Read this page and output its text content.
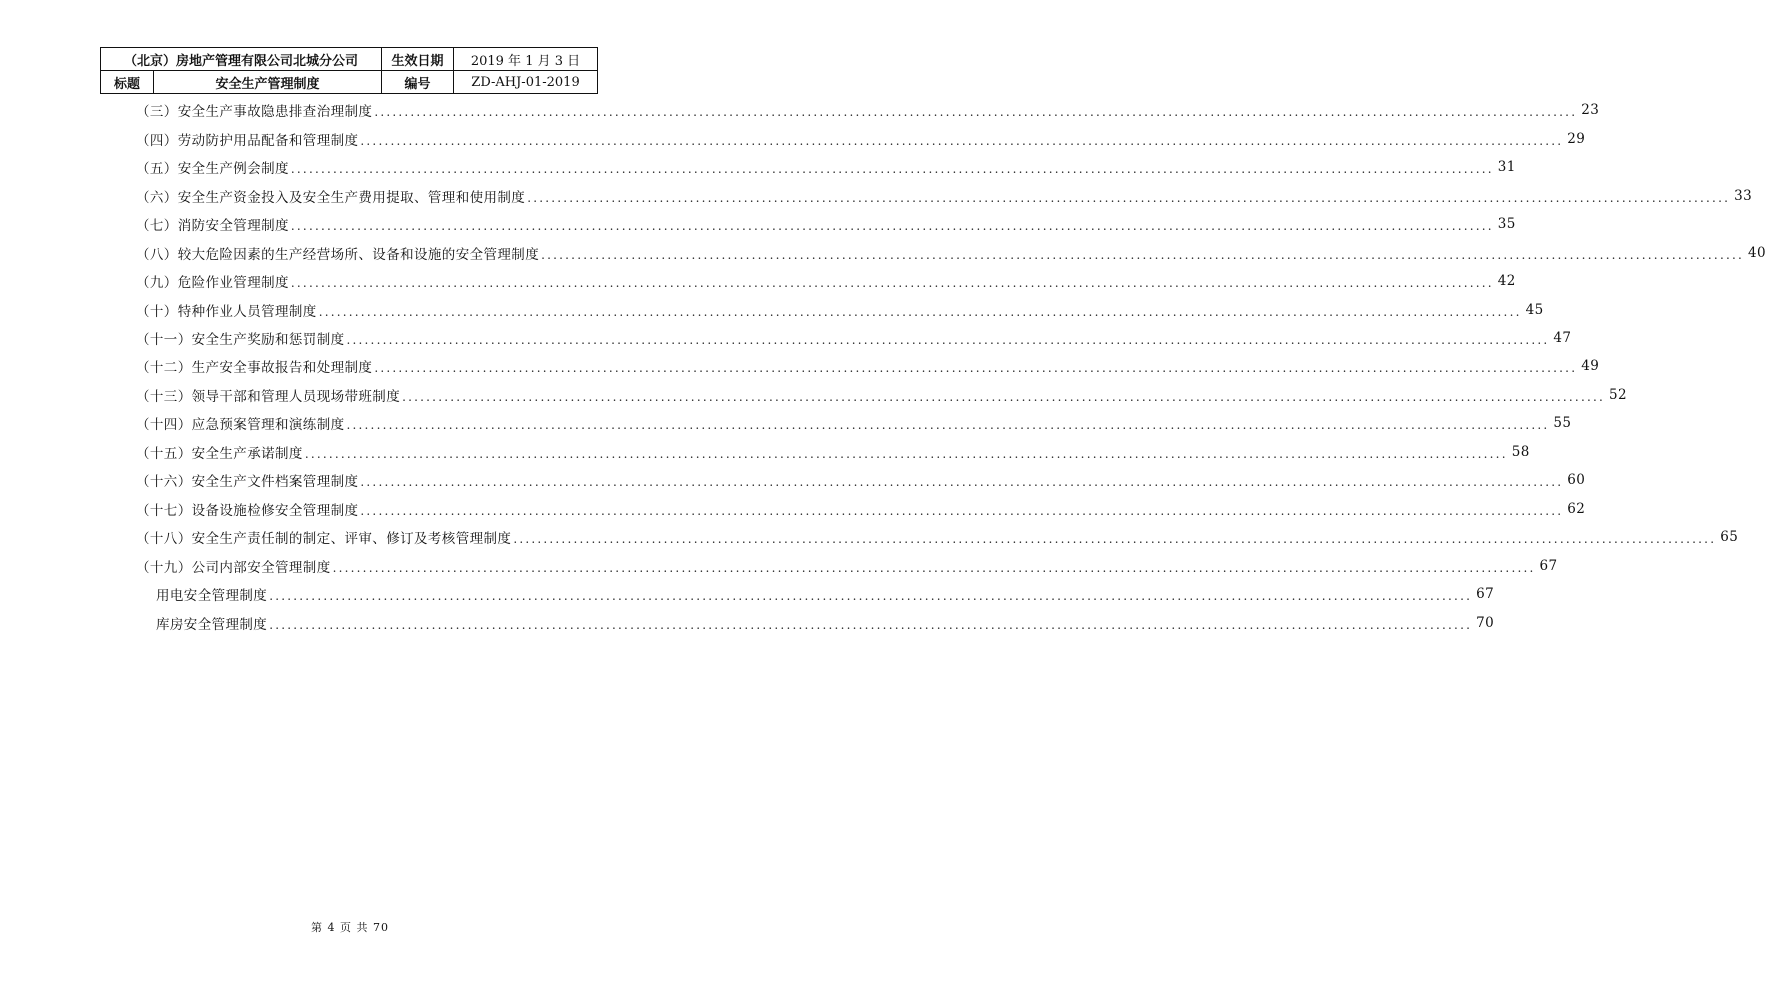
（北京）房地产管理有限公司北城分公司	生效日期	2019 年 1 月 3 日

标题 安全生产管理制度	编号	ZD-AHJ-01-2019
（三）安全生产事故隐患排查治理制度 ........................................................................................................................................................................................................ 23
（四）劳动防护用品配备和管理制度 ........................................................................................................................................................................................................ 29
（五）安全生产例会制度 ........................................................................................................................................................................................................ 31
（六）安全生产资金投入及安全生产费用提取、管理和使用制度 ........................................................................................................................................................................................................ 33
（七）消防安全管理制度 ........................................................................................................................................................................................................ 35
（八）较大危险因素的生产经营场所、设备和设施的安全管理制度 ........................................................................................................................................................................................................ 40
（九）危险作业管理制度 ........................................................................................................................................................................................................ 42
（十）特种作业人员管理制度 ........................................................................................................................................................................................................ 45
（十一）安全生产奖励和惩罚制度 ........................................................................................................................................................................................................ 47
（十二）生产安全事故报告和处理制度 ........................................................................................................................................................................................................ 49
（十三）领导干部和管理人员现场带班制度 ........................................................................................................................................................................................................ 52
（十四）应急预案管理和演练制度 ........................................................................................................................................................................................................ 55
（十五）安全生产承诺制度 ........................................................................................................................................................................................................ 58
（十六）安全生产文件档案管理制度 ........................................................................................................................................................................................................ 60
（十七）设备设施检修安全管理制度 ........................................................................................................................................................................................................ 62
（十八）安全生产责任制的制定、评审、修订及考核管理制度 ........................................................................................................................................................................................................ 65
（十九）公司内部安全管理制度 ........................................................................................................................................................................................................ 67
用电安全管理制度 ........................................................................................................................................................................................................ 67
库房安全管理制度 ........................................................................................................................................................................................................ 70
第 4 页 共 70
